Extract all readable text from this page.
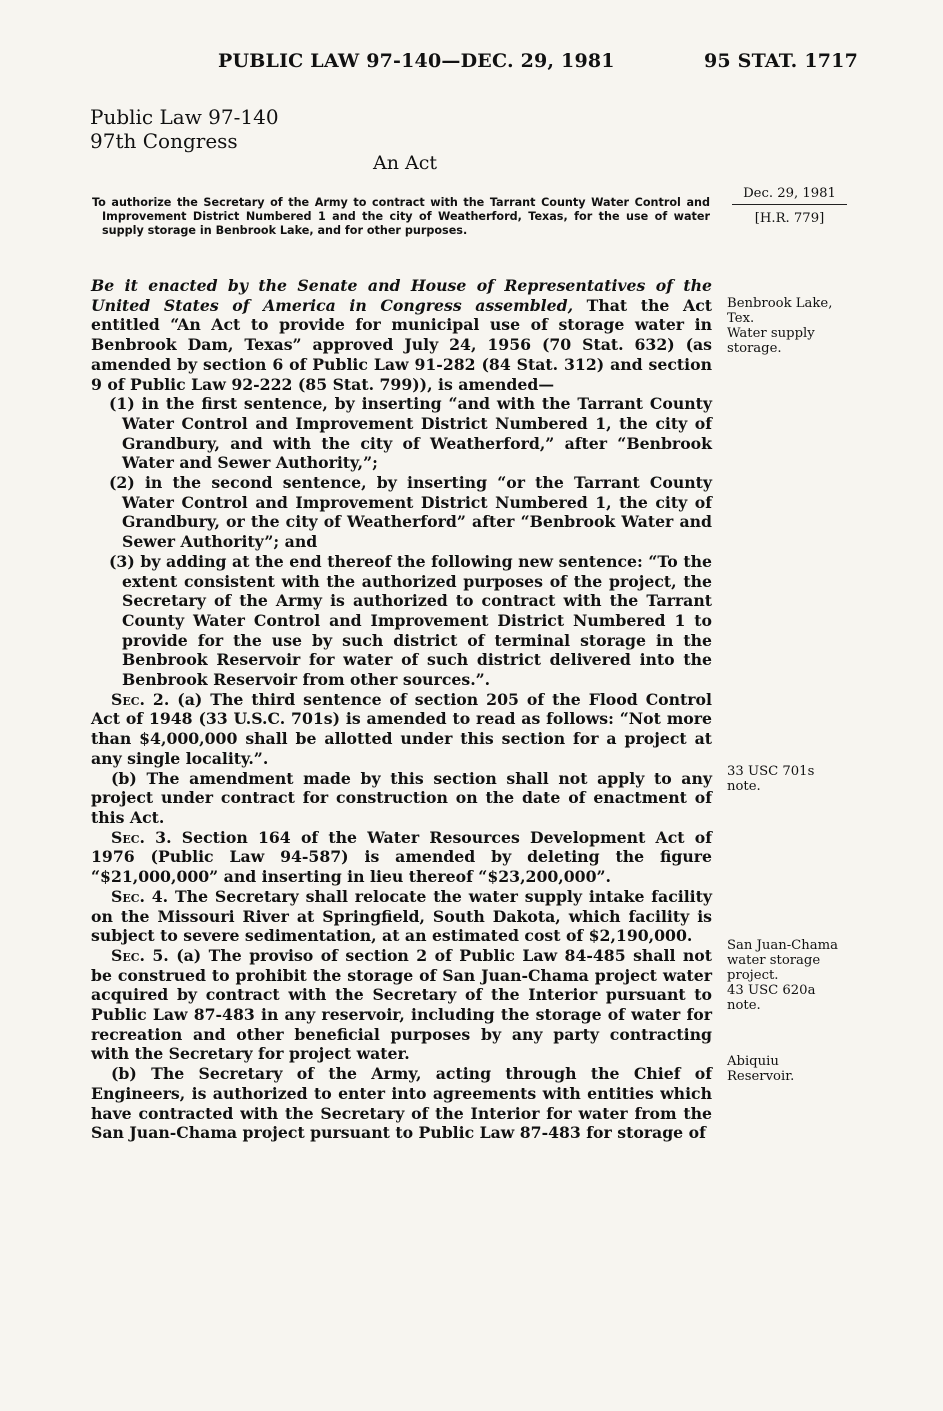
PUBLIC LAW 97-140—DEC. 29, 1981	95 STAT. 1717
Public Law 97-140
97th Congress
An Act
To authorize the Secretary of the Army to contract with the Tarrant County Water Control and Improvement District Numbered 1 and the city of Weatherford, Texas, for the use of water supply storage in Benbrook Lake, and for other purposes.

Be it enacted by the Senate and House of Representatives of the United States of America in Congress assembled, That the Act entitled “An Act to provide for municipal use of storage water in Benbrook Dam, Texas” approved July 24, 1956 (70 Stat. 632) (as amended by section 6 of Public Law 91-282 (84 Stat. 312) and section 9 of Public Law 92-222 (85 Stat. 799)), is amended—

(1) in the first sentence, by inserting “and with the Tarrant County Water Control and Improvement District Numbered 1, the city of Grandbury, and with the city of Weatherford,” after “Benbrook Water and Sewer Authority,”;

(2) in the second sentence, by inserting “or the Tarrant County Water Control and Improvement District Numbered 1, the city of Grandbury, or the city of Weatherford” after “Benbrook Water and Sewer Authority”; and

(3) by adding at the end thereof the following new sentence: “To the extent consistent with the authorized purposes of the project, the Secretary of the Army is authorized to contract with the Tarrant County Water Control and Improvement District Numbered 1 to provide for the use by such district of terminal storage in the Benbrook Reservoir for water of such district delivered into the Benbrook Reservoir from other sources.”.

Sec. 2. (a) The third sentence of section 205 of the Flood Control Act of 1948 (33 U.S.C. 701s) is amended to read as follows: “Not more than $4,000,000 shall be allotted under this section for a project at any single locality.”.

(b) The amendment made by this section shall not apply to any project under contract for construction on the date of enactment of this Act.

Sec. 3. Section 164 of the Water Resources Development Act of 1976 (Public Law 94-587) is amended by deleting the figure “$21,000,000” and inserting in lieu thereof “$23,200,000”.

Sec. 4. The Secretary shall relocate the water supply intake facility on the Missouri River at Springfield, South Dakota, which facility is subject to severe sedimentation, at an estimated cost of $2,190,000.

Sec. 5. (a) The proviso of section 2 of Public Law 84-485 shall not be construed to prohibit the storage of San Juan-Chama project water acquired by contract with the Secretary of the Interior pursuant to Public Law 87-483 in any reservoir, including the storage of water for recreation and other beneficial purposes by any party contracting with the Secretary for project water.

(b) The Secretary of the Army, acting through the Chief of Engineers, is authorized to enter into agreements with entities which have contracted with the Secretary of the Interior for water from the San Juan-Chama project pursuant to Public Law 87-483 for storage of

Dec. 29, 1981
[H.R. 779]
Benbrook Lake, Tex.
Water supply storage.
33 USC 701s note.
San Juan-Chama water storage project.
43 USC 620a note.
Abiquiu Reservoir.
